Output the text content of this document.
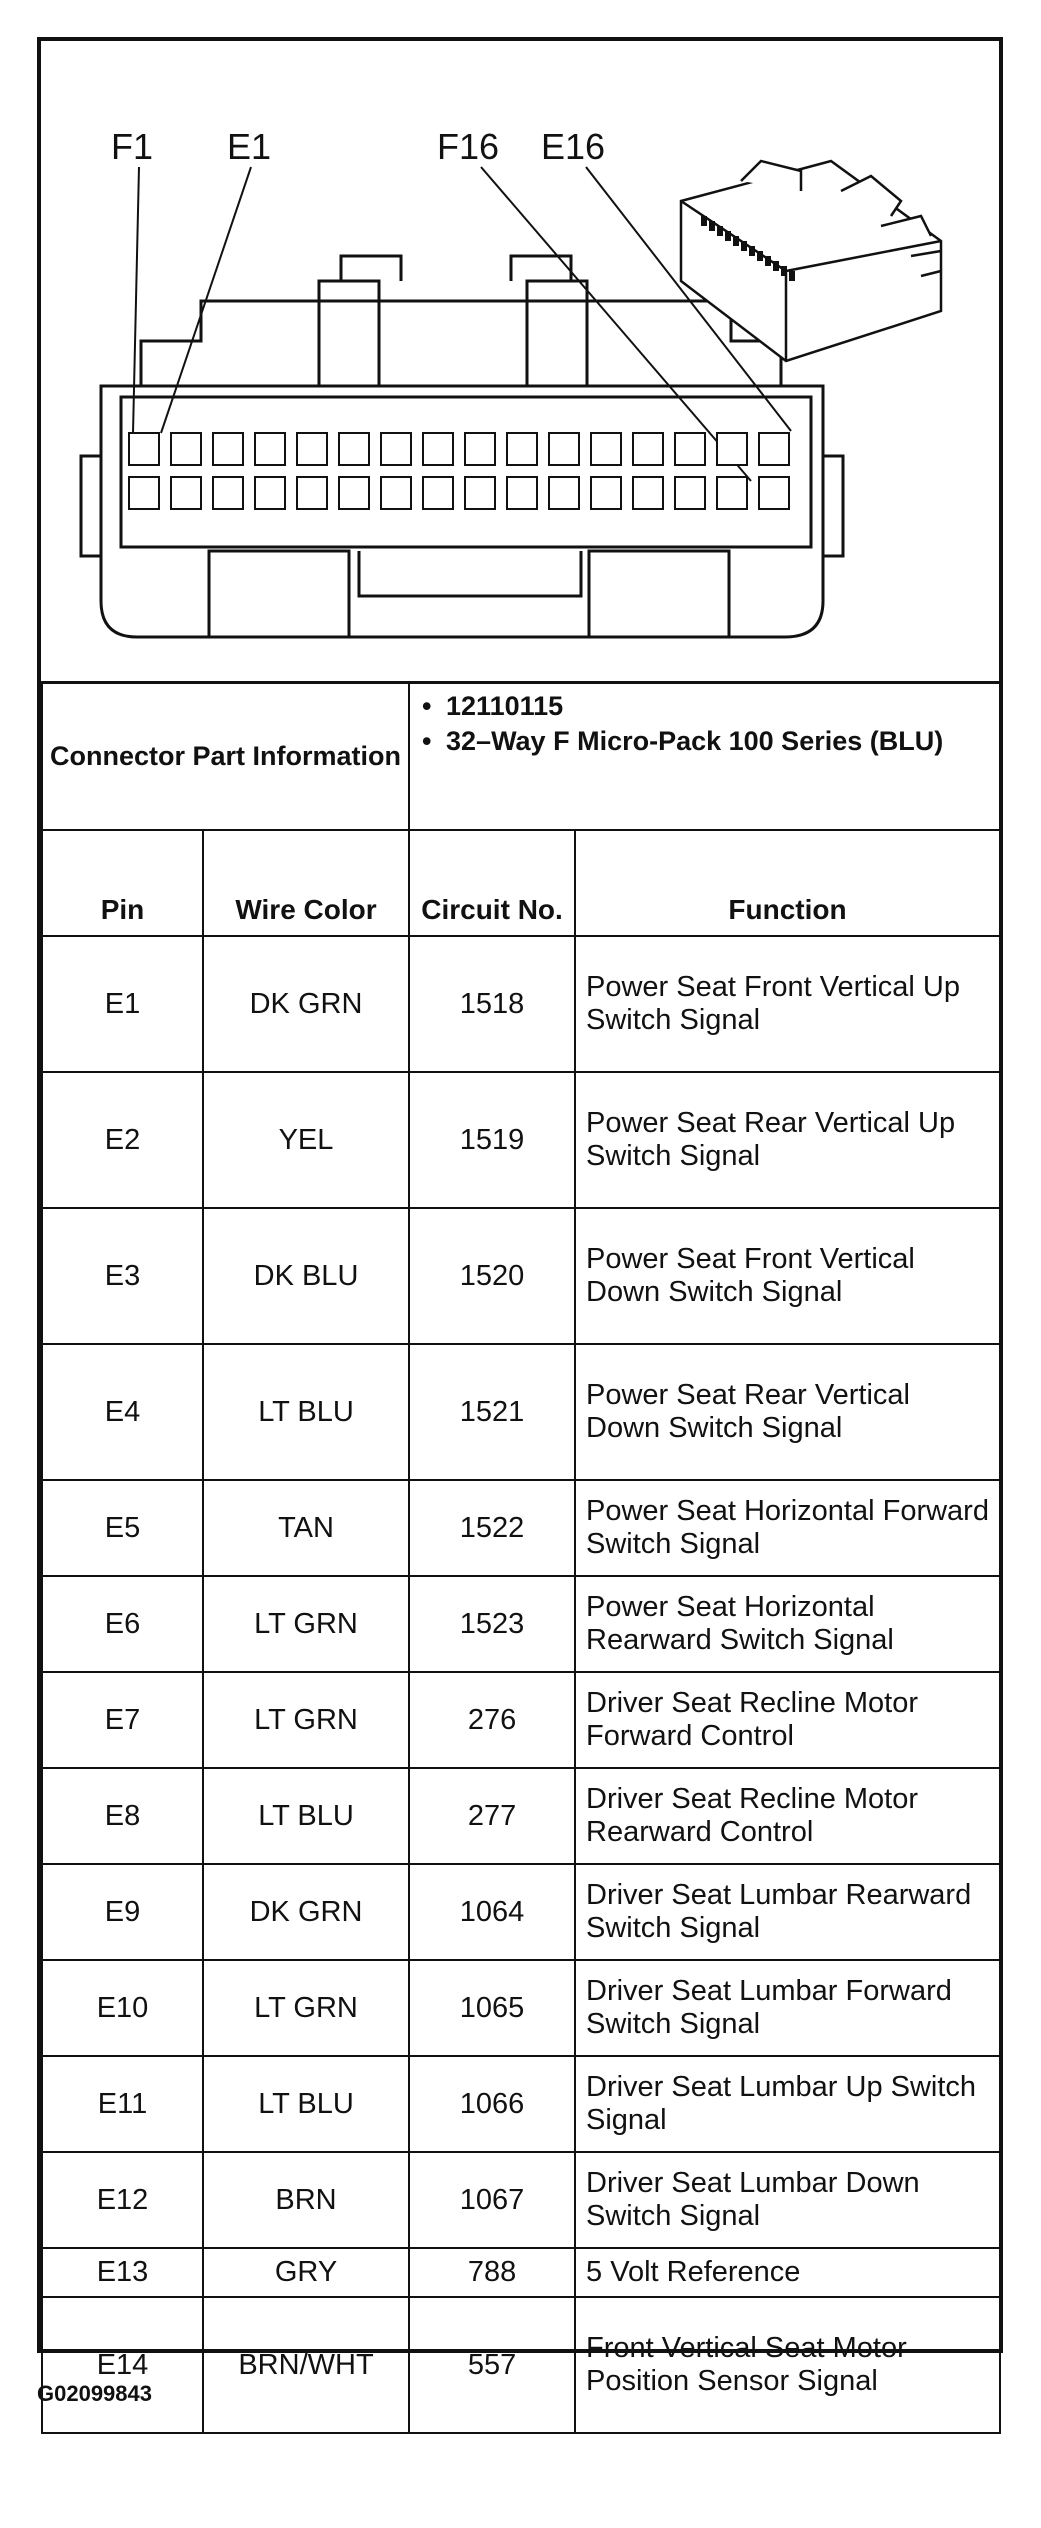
F1 E1	F16 E16
Connector Part Information		• 12110115
• 32–Way F Micro-Pack 100 Series (BLU)

Pin	Wire Color	Circuit No.	Function
E1	DK GRN	1518	Power Seat Front Vertical Up Switch Signal
E2	YEL	1519	Power Seat Rear Vertical Up Switch Signal
E3	DK BLU	1520	Power Seat Front Vertical Down Switch Signal
E4	LT BLU	1521	Power Seat Rear Vertical Down Switch Signal
E5	TAN	1522	Power Seat Horizontal Forward Switch Signal
E6	LT GRN	1523	Power Seat Horizontal Rearward Switch Signal
E7	LT GRN	276	Driver Seat Recline Motor Forward Control
E8	LT BLU	277	Driver Seat Recline Motor Rearward Control
E9	DK GRN	1064	Driver Seat Lumbar Rearward Switch Signal
E10	LT GRN	1065	Driver Seat Lumbar Forward Switch Signal
E11	LT BLU	1066	Driver Seat Lumbar Up Switch Signal
E12	BRN	1067	Driver Seat Lumbar Down Switch Signal
E13	GRY	788	5 Volt Reference
E14	BRN/WHT	557	Front Vertical Seat Motor Position Sensor Signal
G02099843
